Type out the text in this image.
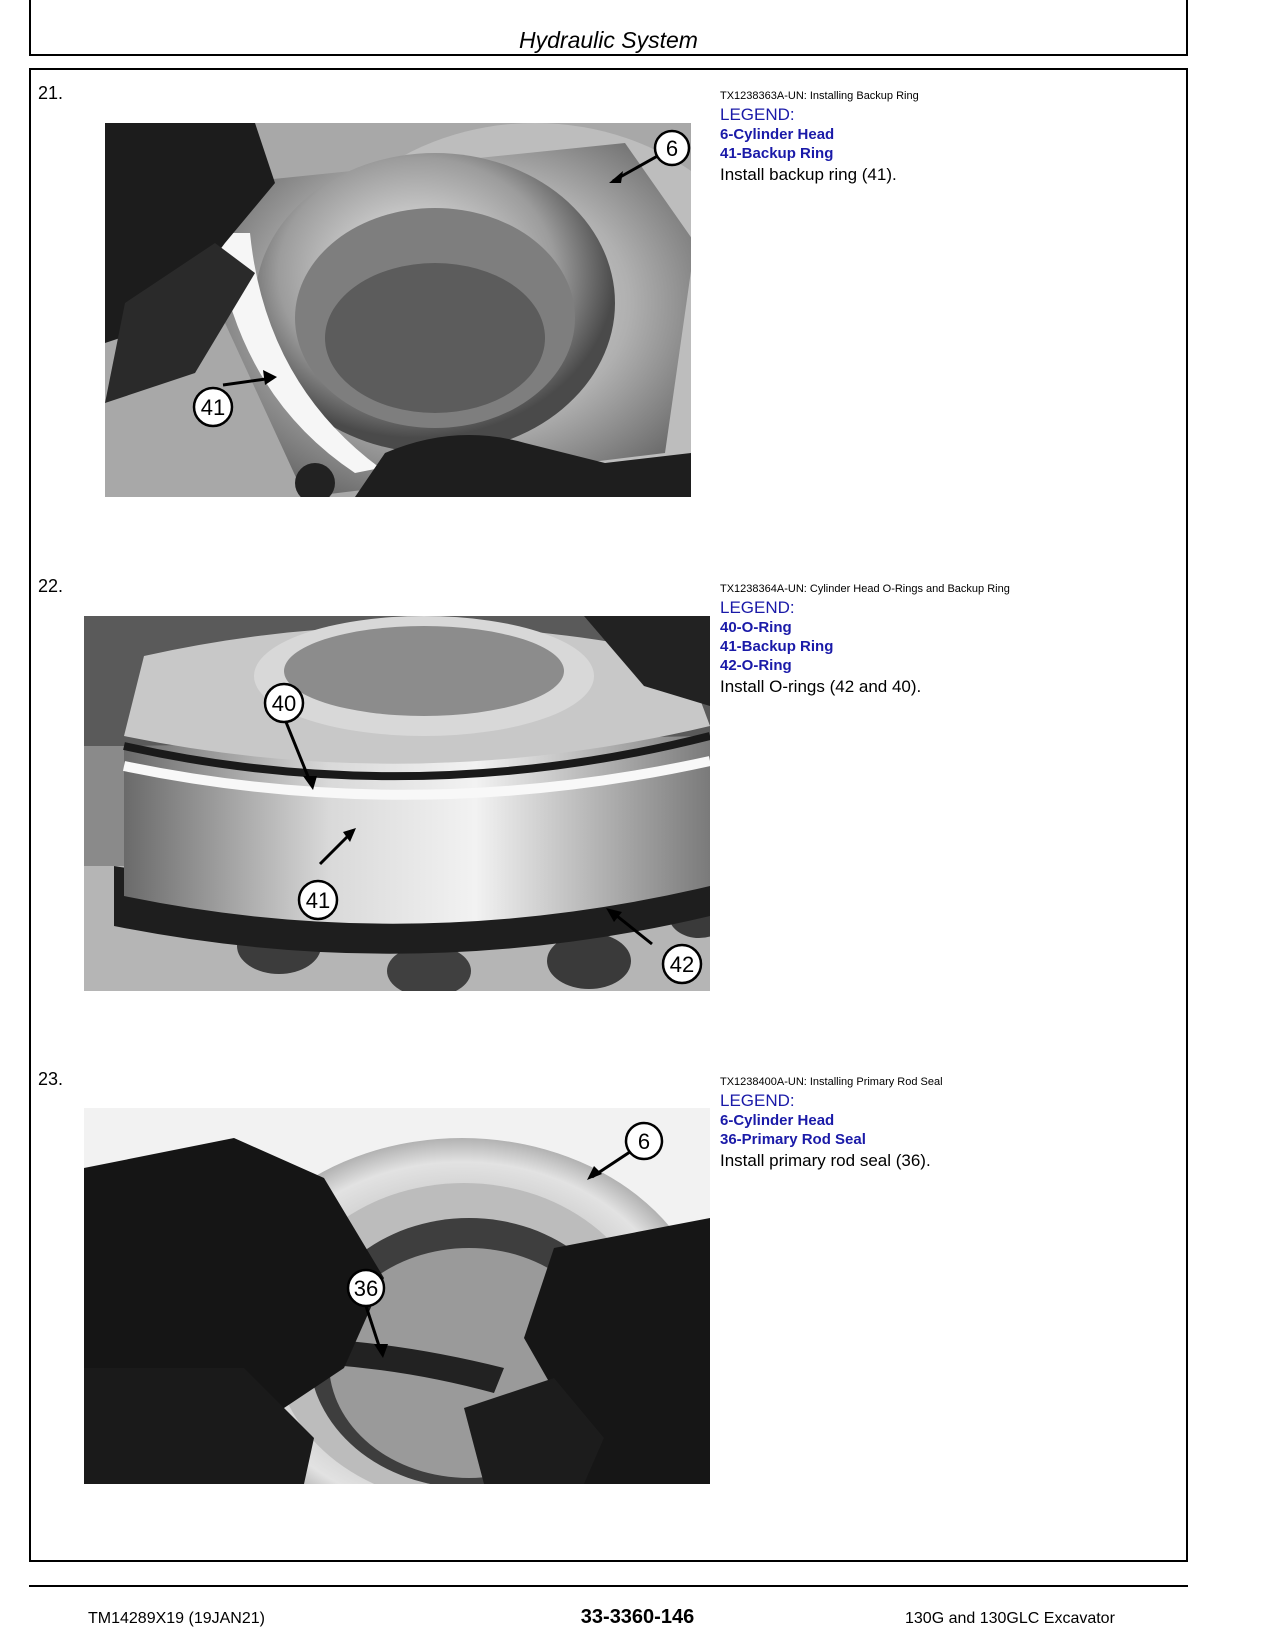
Hydraulic System
21.
6
41
TX1238363A-UN: Installing Backup Ring
LEGEND:
6-Cylinder Head
41-Backup Ring
Install backup ring (41).
22.
40
41
42
TX1238364A-UN: Cylinder Head O-Rings and Backup Ring
LEGEND:
40-O-Ring
41-Backup Ring
42-O-Ring
Install O-rings (42 and 40).
23.
6
36
TX1238400A-UN: Installing Primary Rod Seal
LEGEND:
6-Cylinder Head
36-Primary Rod Seal
Install primary rod seal (36).
TM14289X19 (19JAN21)	33-3360-146	130G and 130GLC Excavator
